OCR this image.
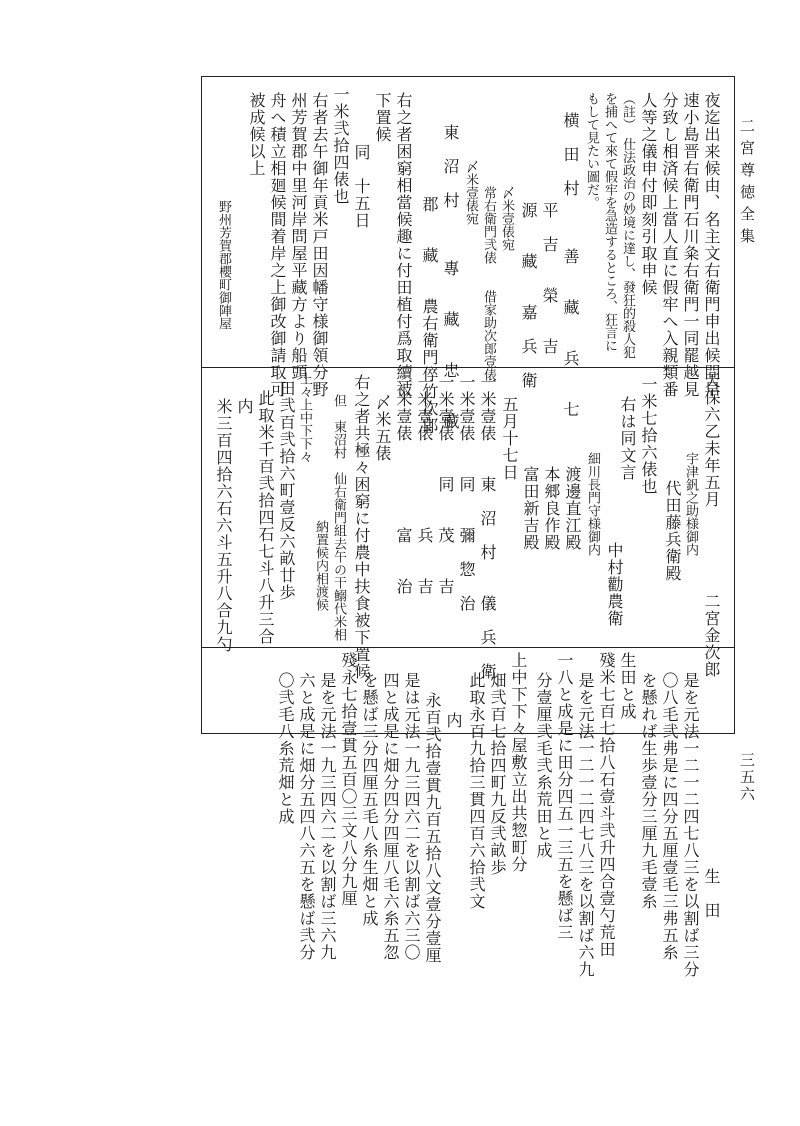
二宮尊徳全集
三五六
夜迄出来候由、名主文右衛門申出候間早
速小島晋右衛門石川粂右衛門一同罷越見
分致し相済候上當人直に假牢へ入親類番
人等之儀申付即刻引取申候
（註）　仕法政治の妙境に達し、發狂的殺人犯
を捕へて來て假牢を急造するところ、狂言に
もして見たい圖だ。
横　田　村　　　善　　藏　　兵　　七
平　吉　　榮　　吉
源　　藏　　嘉　兵　衛
〆米壹俵宛
常右衛門弐俵　　借家助次郎壹俵
〆米壹俵宛
東　沼　村　　　專　　藏　　忠　　藏
郡　　藏　　農右衛門倅竹次郎
右之者困窮相當候趣に付田植付爲取續被
下置候
同　十五日
一米弐拾四俵也
右者去午御年貢米戸田因幡守様御領分野
州芳賀郡中里河岸問屋平藏方より船頭
舟へ積立相廻候間着岸之上御改御請取可
被成候以上
野州芳賀郡櫻町御陣屋
天保六乙未年五月　　　　　二宮金次郎
宇津釩之助様御内
代田藤兵衛殿
一米七拾六俵也
右は同文言
中村勸農衛
細川長門守様御内
渡邊直江殿
本郷良作殿
富田新吉殿
五月十七日
一米壹俵　　東　沼　村　　儀　兵　衛
一米壹俵　　同　　彌　惣　治
一米壹俵　　同　　茂　　吉
一米壹俵　　　　　兵　　吉
一米壹俵　　　　　富　　治
〆米五俵
右之者共極々困窮に付農中扶食被下置候
但　東沼村　仙右衛門組去午の干鰯代米相
納置候内相渡候
上々上中下下々
田弐百弐拾六町壹反六畝廿歩
此取米千百弐拾四石七斗八升三合
内
米三百四拾六石六斗五升八合九勺
生　田
是を元法一二一二四七八三を以割ば三分
〇八毛弐弗是に四分五厘壹毛三弗五糸
を懸れば生歩壹分三厘九毛壹糸
生田と成
殘米七百七拾八石壹斗弐升四合壹勺荒田
是を元法一二一二四七八三を以割ば六九
一八と成是に田分四五一三五を懸ば三
分壹厘弐毛弐糸荒田と成
上中下下々屋敷立出共惣町分
畑弐百七拾四町九反弐畝歩
此取永百九拾三貫四百六拾弐文
内
永百弐拾壹貫九百五拾八文壹分壹厘
是は元法一九三四六二を以割ば六三〇
四と成是に畑分四分四厘八毛六糸五忽
を懸ば三分四厘五毛八糸生畑と成
殘永七拾壹貫五百〇三文八分九厘
是を元法一九三四六二を以割ば三六九
六と成是に畑分五四八六五を懸ば弐分
〇弐毛八糸荒畑と成
